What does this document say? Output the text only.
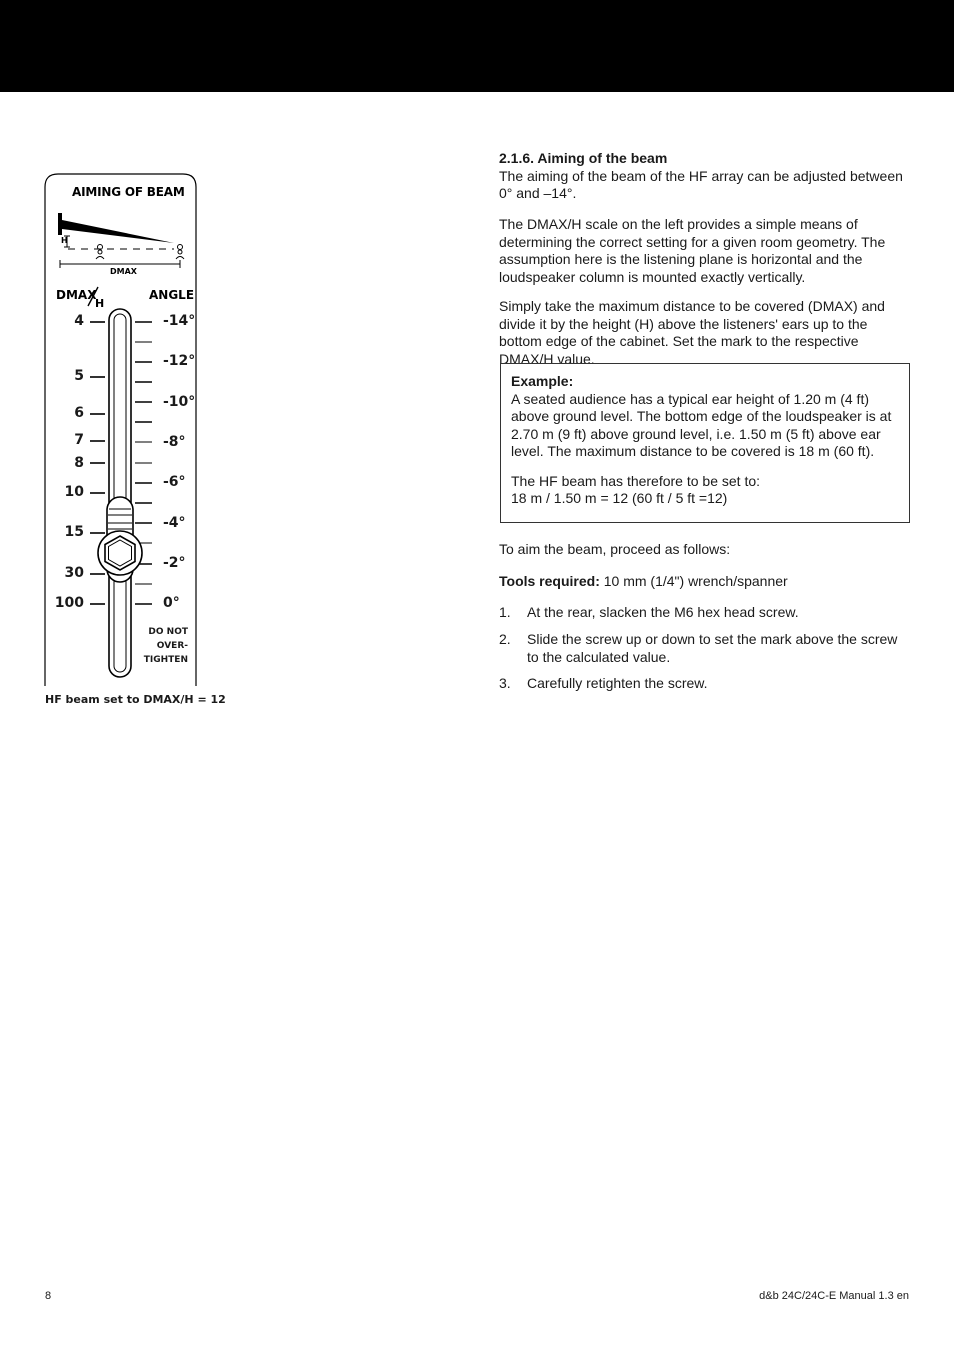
AIMING OF BEAM
H
DMAX
DMAX
H
ANGLE
4
5
6
7
8
10
15
30
100
-14°
-12°
-10°
-8°
-6°
-4°
-2°
0°
DO NOT
OVER-
TIGHTEN
HF beam set to DMAX/H = 12

2.1.6. Aiming of the beam

The aiming of the beam of the HF array can be adjusted between 0° and –14°.

The DMAX/H scale on the left provides a simple means of determining the correct setting for a given room geometry. The assumption here is the listening plane is horizontal and the loudspeaker column is mounted exactly vertically.
Simply take the maximum distance to be covered (DMAX) and divide it by the height (H) above the listeners' ears up to the bottom edge of the cabinet. Set the mark to the respective DMAX/H value.

Example:

A seated audience has a typical ear height of 1.20 m (4 ft) above ground level. The bottom edge of the loudspeaker is at 2.70 m (9 ft) above ground level, i.e. 1.50 m (5 ft) above ear level. The maximum distance to be covered is 18 m (60 ft).

The HF beam has therefore to be set to:

18 m / 1.50 m = 12 (60 ft / 5 ft =12)

To aim the beam, proceed as follows:
Tools required: 10 mm (1/4") wrench/spanner
1. At the rear, slacken the M6 hex head screw.
2. Slide the screw up or down to set the mark above the screw to the calculated value.
3. Carefully retighten the screw.
8	d&b 24C/24C-E Manual 1.3 en
